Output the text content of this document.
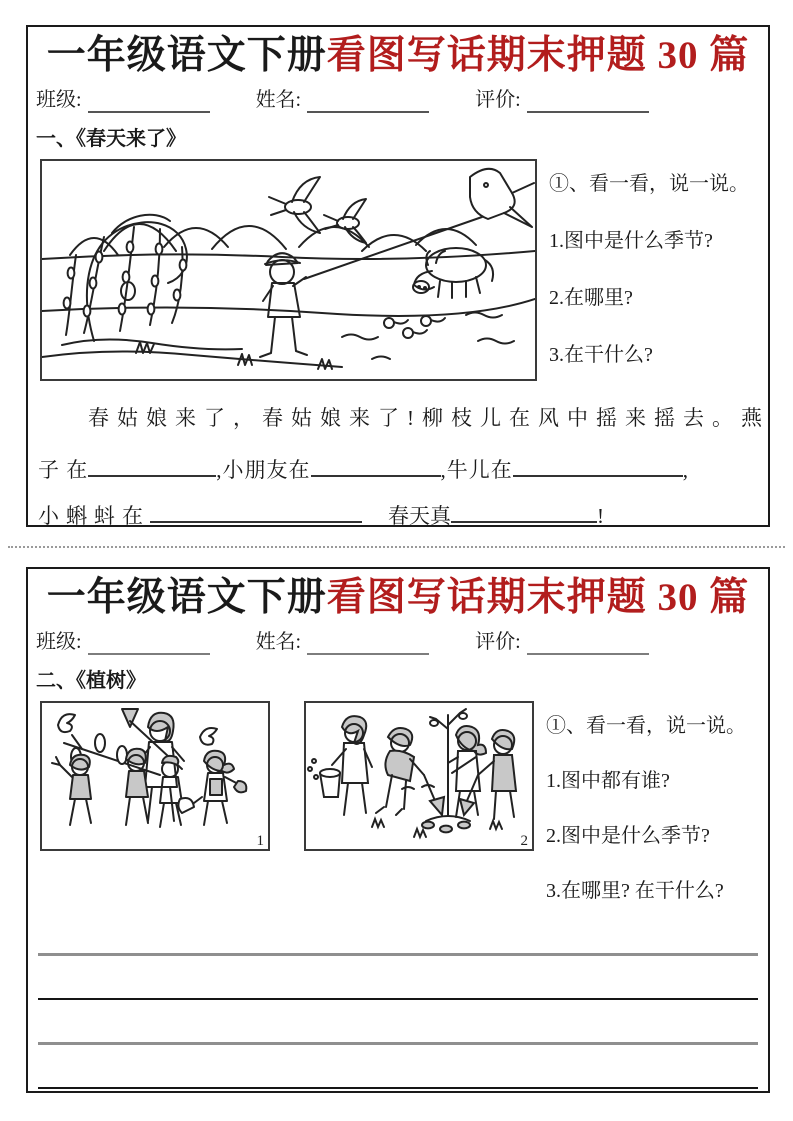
一年级语文下册看图写话期末押题 30 篇
班级:	姓名:	评价:
一、《春天来了》
①、看一看，说一说。
1.图中是什么季节?
2.在哪里?
3.在干什么?
春姑娘来了，春姑娘来了!柳枝儿在风中摇来摇去。燕
子 在	,小朋友在	,牛儿在	,
小蝌蚪在	春天真	!
一年级语文下册看图写话期末押题 30 篇
班级:	姓名:	评价:
二、《植树》
1	2
①、看一看，说一说。
1.图中都有谁?
2.图中是什么季节?
3.在哪里? 在干什么?
